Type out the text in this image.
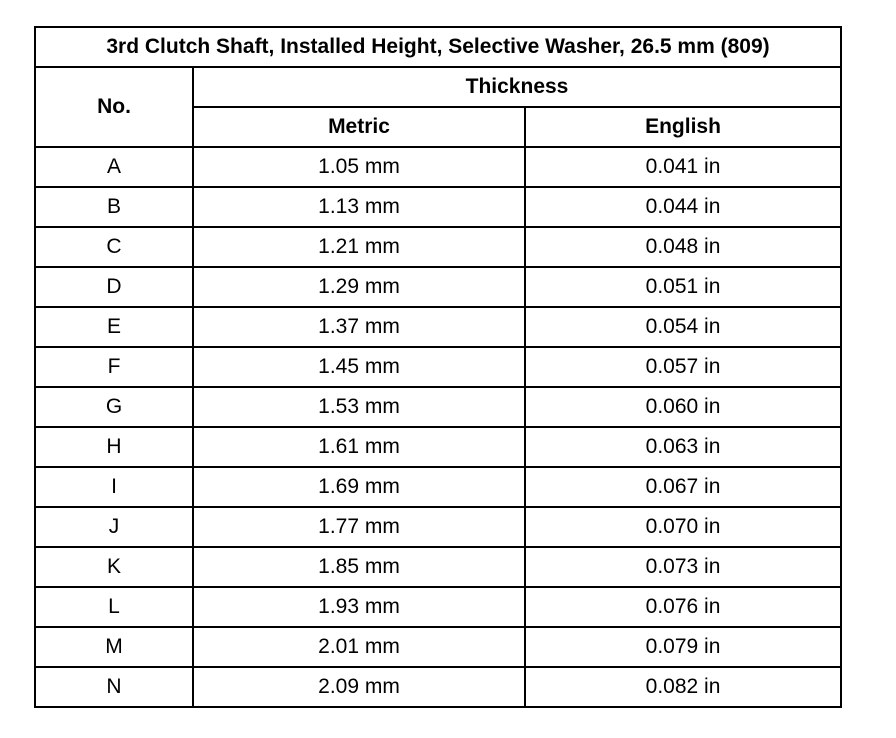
3rd Clutch Shaft, Installed Height, Selective Washer, 26.5 mm (809)		
No.	Thickness	
	Metric	English
A	1.05 mm	0.041 in
B	1.13 mm	0.044 in
C	1.21 mm	0.048 in
D	1.29 mm	0.051 in
E	1.37 mm	0.054 in
F	1.45 mm	0.057 in
G	1.53 mm	0.060 in
H	1.61 mm	0.063 in
I	1.69 mm	0.067 in
J	1.77 mm	0.070 in
K	1.85 mm	0.073 in
L	1.93 mm	0.076 in
M	2.01 mm	0.079 in
N	2.09 mm	0.082 in
